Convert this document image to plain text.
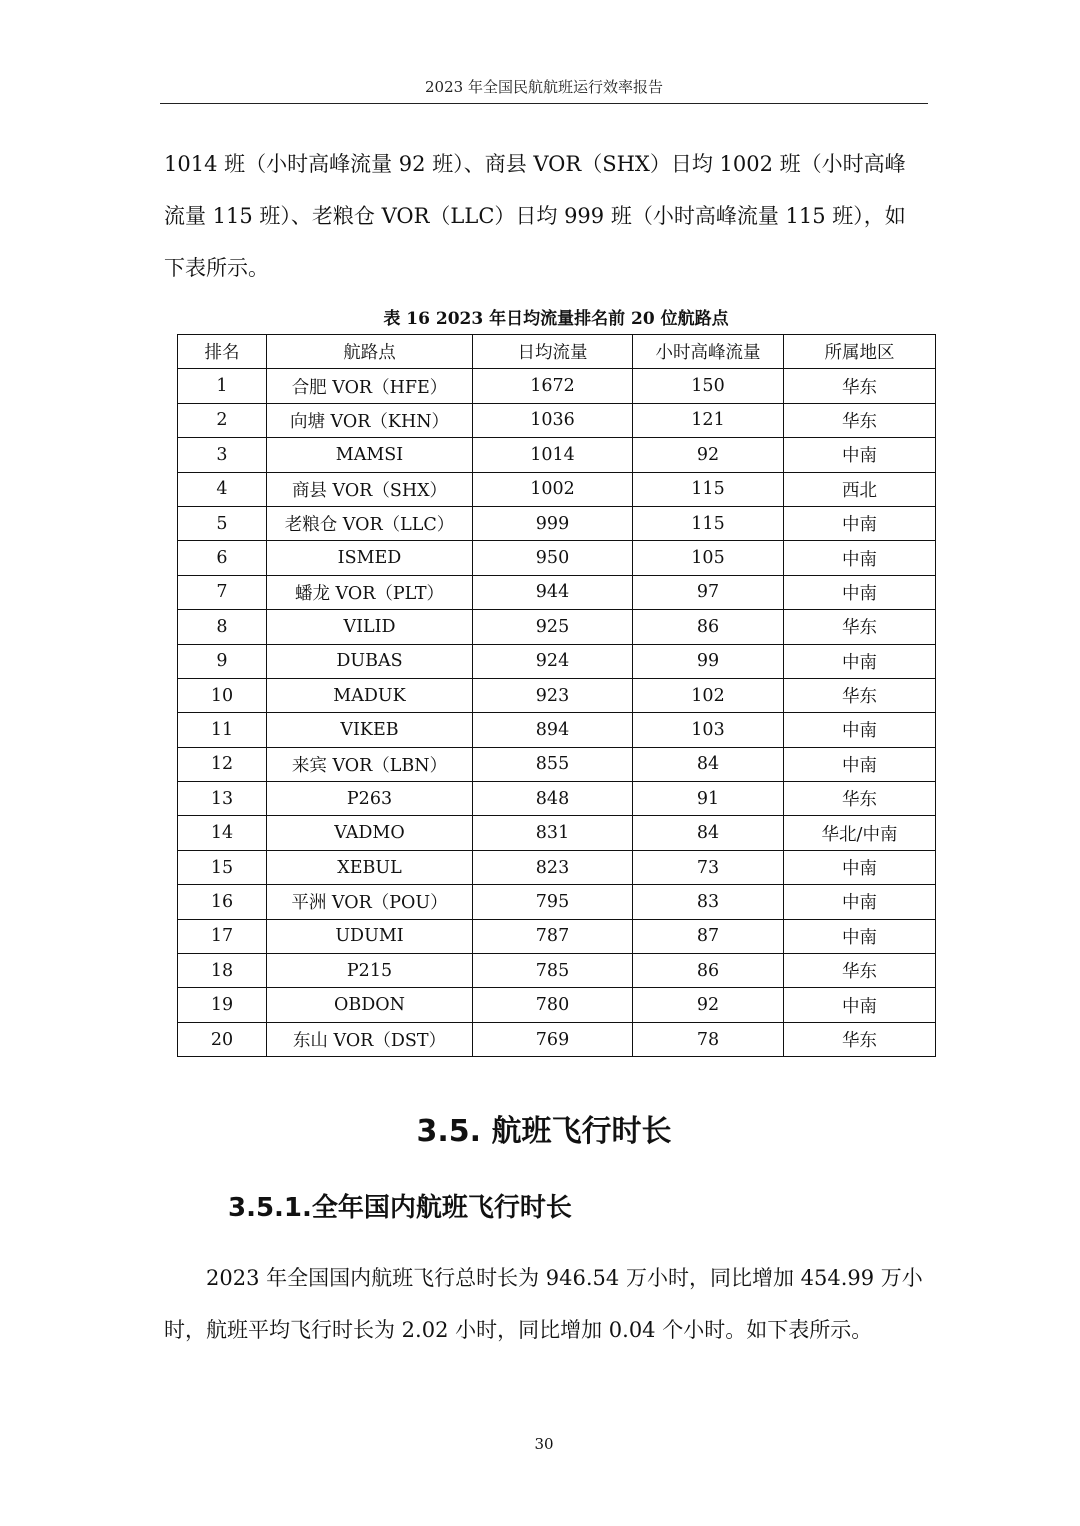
2023 年全国民航航班运行效率报告

1014 班（小时高峰流量 92 班）、商县 VOR（SHX）日均 1002 班（小时高峰流量 115 班）、老粮仓 VOR（LLC）日均 999 班（小时高峰流量 115 班），如下表所示。

表 16 2023 年日均流量排名前 20 位航路点
排名	航路点	日均流量	小时高峰流量	所属地区
1	合肥 VOR（HFE）	1672	150	华东
2	向塘 VOR（KHN）	1036	121	华东
3	MAMSI	1014	92	中南
4	商县 VOR（SHX）	1002	115	西北
5	老粮仓 VOR（LLC）	999	115	中南
6	ISMED	950	105	中南
7	蟠龙 VOR（PLT）	944	97	中南
8	VILID	925	86	华东
9	DUBAS	924	99	中南
10	MADUK	923	102	华东
11	VIKEB	894	103	中南
12	来宾 VOR（LBN）	855	84	中南
13	P263	848	91	华东
14	VADMO	831	84	华北/中南
15	XEBUL	823	73	中南
16	平洲 VOR（POU）	795	83	中南
17	UDUMI	787	87	中南
18	P215	785	86	华东
19	OBDON	780	92	中南
20	东山 VOR（DST）	769	78	华东
3.5. 航班飞行时长
3.5.1.全年国内航班飞行时长

2023 年全国国内航班飞行总时长为 946.54 万小时，同比增加 454.99 万小时，航班平均飞行时长为 2.02 小时，同比增加 0.04 个小时。如下表所示。

30
